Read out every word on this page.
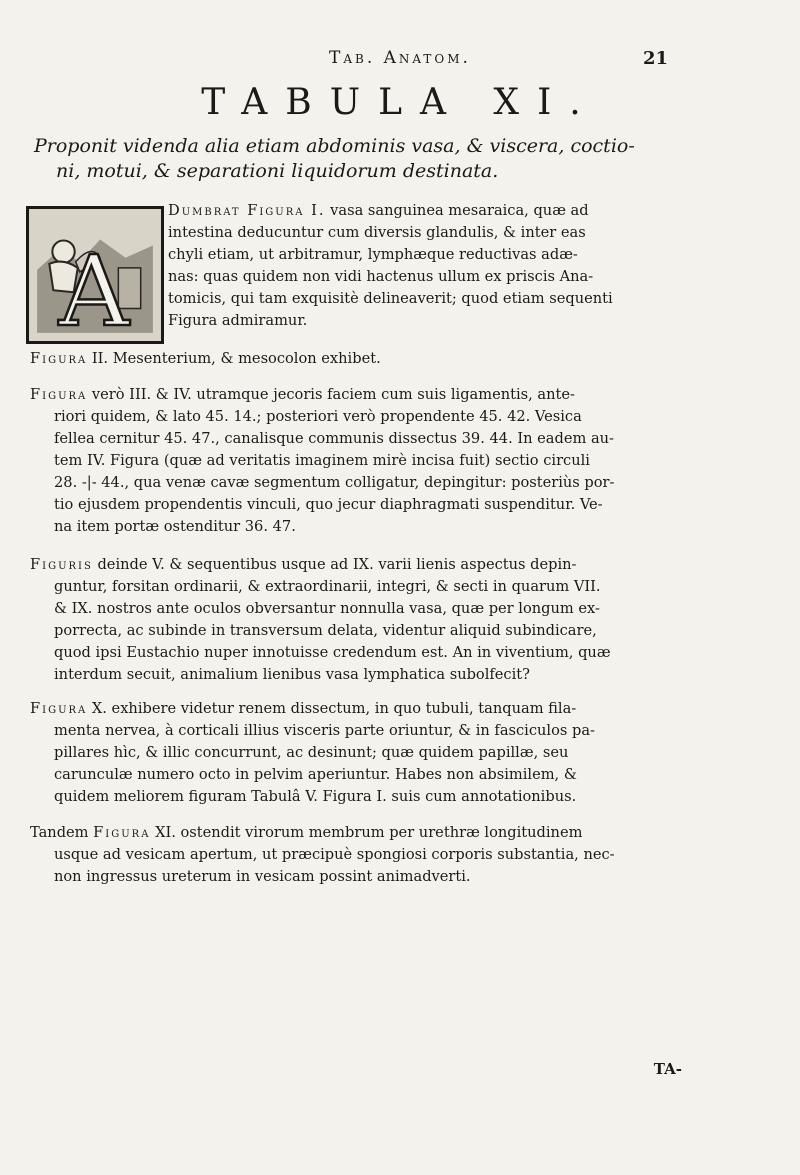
Tab. Anatom.	21
TABULA XI.
Proponit videnda alia etiam abdominis vasa, & viscera, coctio-
ni, motui, & separationi liquidorum destinata.
A
Dumbrat Figura I. vasa sanguinea mesaraica, quæ ad
intestina deducuntur cum diversis glandulis, & inter eas
chyli etiam, ut arbitramur, lymphæque reductivas adæ-
nas: quas quidem non vidi hactenus ullum ex priscis Ana-
tomicis, qui tam exquisitè delineaverit; quod etiam sequenti
Figura admiramur.
Figura II. Mesenterium, & mesocolon exhibet.
Figura verò III. & IV. utramque jecoris faciem cum suis ligamentis, ante-
riori quidem, & lato 45. 14.; posteriori verò propendente 45. 42. Vesica
fellea cernitur 45. 47., canalisque communis dissectus 39. 44. In eadem au-
tem IV. Figura (quæ ad veritatis imaginem mirè incisa fuit) sectio circuli
28. -|- 44., qua venæ cavæ segmentum colligatur, depingitur: posteriùs por-
tio ejusdem propendentis vinculi, quo jecur diaphragmati suspenditur. Ve-
na item portæ ostenditur 36. 47.
Figuris deinde V. & sequentibus usque ad IX. varii lienis aspectus depin-
guntur, forsitan ordinarii, & extraordinarii, integri, & secti in quarum VII.
& IX. nostros ante oculos obversantur nonnulla vasa, quæ per longum ex-
porrecta, ac subinde in transversum delata, videntur aliquid subindicare,
quod ipsi Eustachio nuper innotuisse credendum est. An in viventium, quæ
interdum secuit, animalium lienibus vasa lymphatica subolfecit?
Figura X. exhibere videtur renem dissectum, in quo tubuli, tanquam fila-
menta nervea, à corticali illius visceris parte oriuntur, & in fasciculos pa-
pillares hìc, & illic concurrunt, ac desinunt; quæ quidem papillæ, seu
carunculæ numero octo in pelvim aperiuntur. Habes non absimilem, &
quidem meliorem figuram Tabulâ V. Figura I. suis cum annotationibus.
Tandem Figura XI. ostendit virorum membrum per urethræ longitudinem
usque ad vesicam apertum, ut præcipuè spongiosi corporis substantia, nec-
non ingressus ureterum in vesicam possint animadverti.
TA-
